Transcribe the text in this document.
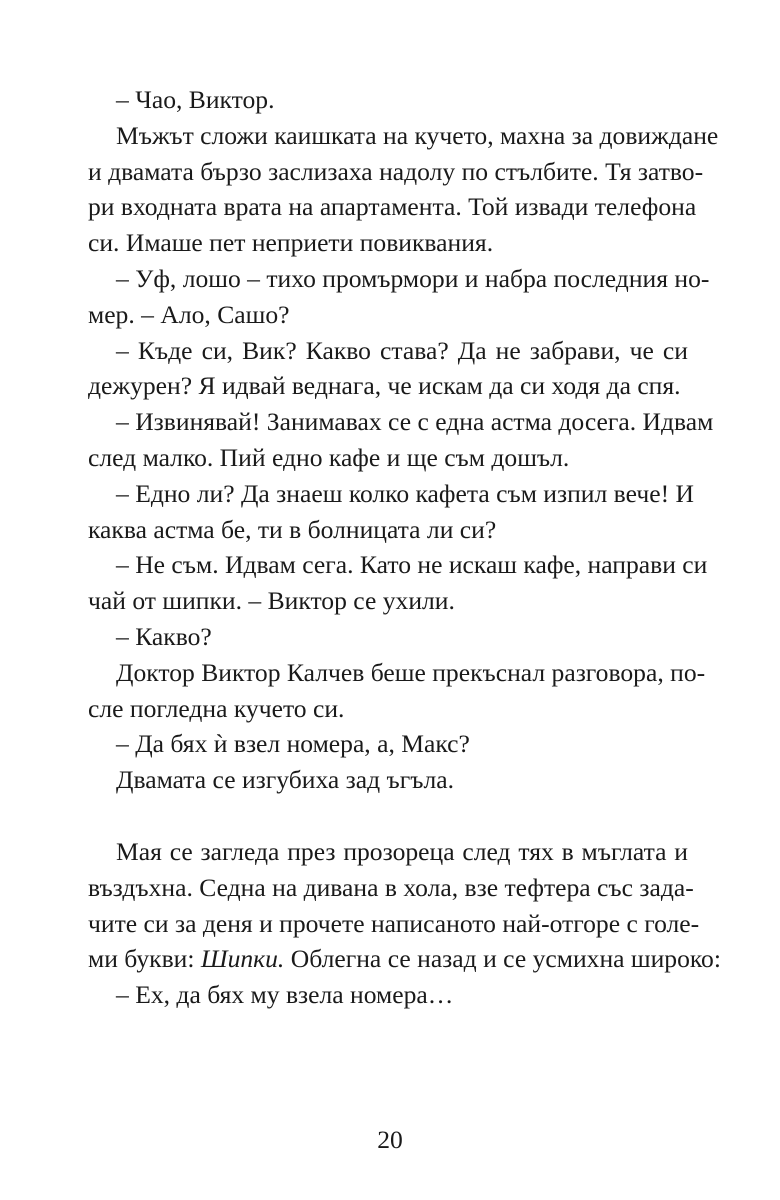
– Чао, Виктор.
Мъжът сложи каишката на кучето, махна за довиждане
и двамата бързо заслизаха надолу по стълбите. Тя затво-
ри входната врата на апартамента. Той извади телефона
си. Имаше пет неприети повиквания.
– Уф, лошо – тихо промърмори и набра последния но-
мер. – Ало, Сашо?
– Къде си, Вик? Какво става? Да не забрави, че си
дежурен? Я идвай веднага, че искам да си ходя да спя.
– Извинявай! Занимавах се с една астма досега. Идвам
след малко. Пий едно кафе и ще съм дошъл.
– Едно ли? Да знаеш колко кафета съм изпил вече! И
каква астма бе, ти в болницата ли си?
– Не съм. Идвам сега. Като не искаш кафе, направи си
чай от шипки. – Виктор се ухили.
– Какво?
Доктор Виктор Калчев беше прекъснал разговора, по-
сле погледна кучето си.
– Да бях ѝ взел номера, а, Макс?
Двамата се изгубиха зад ъгъла.
Мая се загледа през прозореца след тях в мъглата и
въздъхна. Седна на дивана в хола, взе тефтера със зада-
чите си за деня и прочете написаното най-отгоре с голе-
ми букви: Шипки. Облегна се назад и се усмихна широко:
– Ех, да бях му взела номера…
20
